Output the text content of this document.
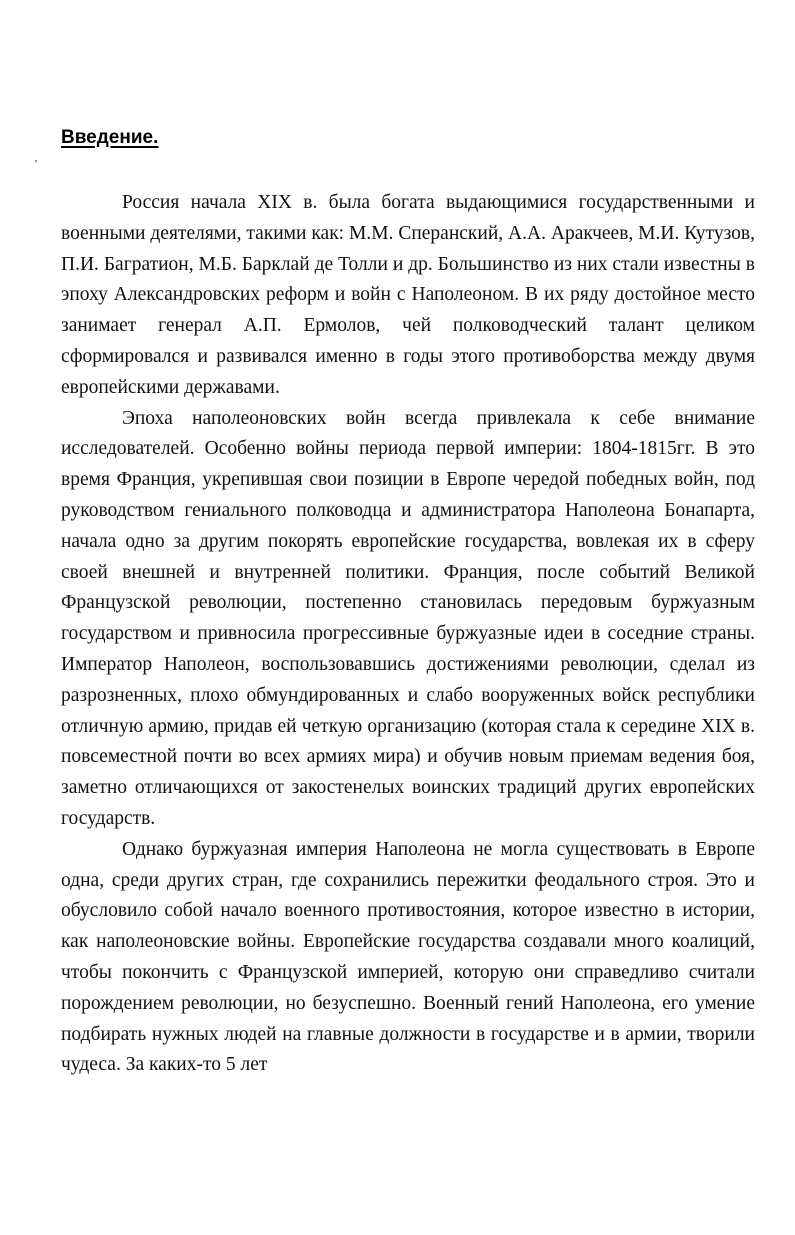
Введение.

Россия начала XIX в. была богата выдающимися государственными и военными деятелями, такими как: М.М. Сперанский, А.А. Аракчеев, М.И. Кутузов, П.И. Багратион, М.Б. Барклай де Толли и др. Большинство из них стали известны в эпоху Александровских реформ и войн с Наполеоном. В их ряду достойное место занимает генерал А.П. Ермолов, чей полководческий талант целиком сформировался и развивался именно в годы этого противоборства между двумя европейскими державами.

Эпоха наполеоновских войн всегда привлекала к себе внимание исследователей. Особенно войны периода первой империи: 1804-1815гг. В это время Франция, укрепившая свои позиции в Европе чередой победных войн, под руководством гениального полководца и администратора Наполеона Бонапарта, начала одно за другим покорять европейские государства, вовлекая их в сферу своей внешней и внутренней политики. Франция, после событий Великой Французской революции, постепенно становилась передовым буржуазным государством и привносила прогрессивные буржуазные идеи в соседние страны. Император Наполеон, воспользовавшись достижениями революции, сделал из разрозненных, плохо обмундированных и слабо вооруженных войск республики отличную армию, придав ей четкую организацию (которая стала к середине XIX в. повсеместной почти во всех армиях мира) и обучив новым приемам ведения боя, заметно отличающихся от закостенелых воинских традиций других европейских государств.

Однако буржуазная империя Наполеона не могла существовать в Европе одна, среди других стран, где сохранились пережитки феодального строя. Это и обусловило собой начало военного противостояния, которое известно в истории, как наполеоновские войны. Европейские государства создавали много коалиций, чтобы покончить с Французской империей, которую они справедливо считали порождением революции, но безуспешно. Военный гений Наполеона, его умение подбирать нужных людей на главные должности в государстве и в армии, творили чудеса. За каких-то 5 лет
